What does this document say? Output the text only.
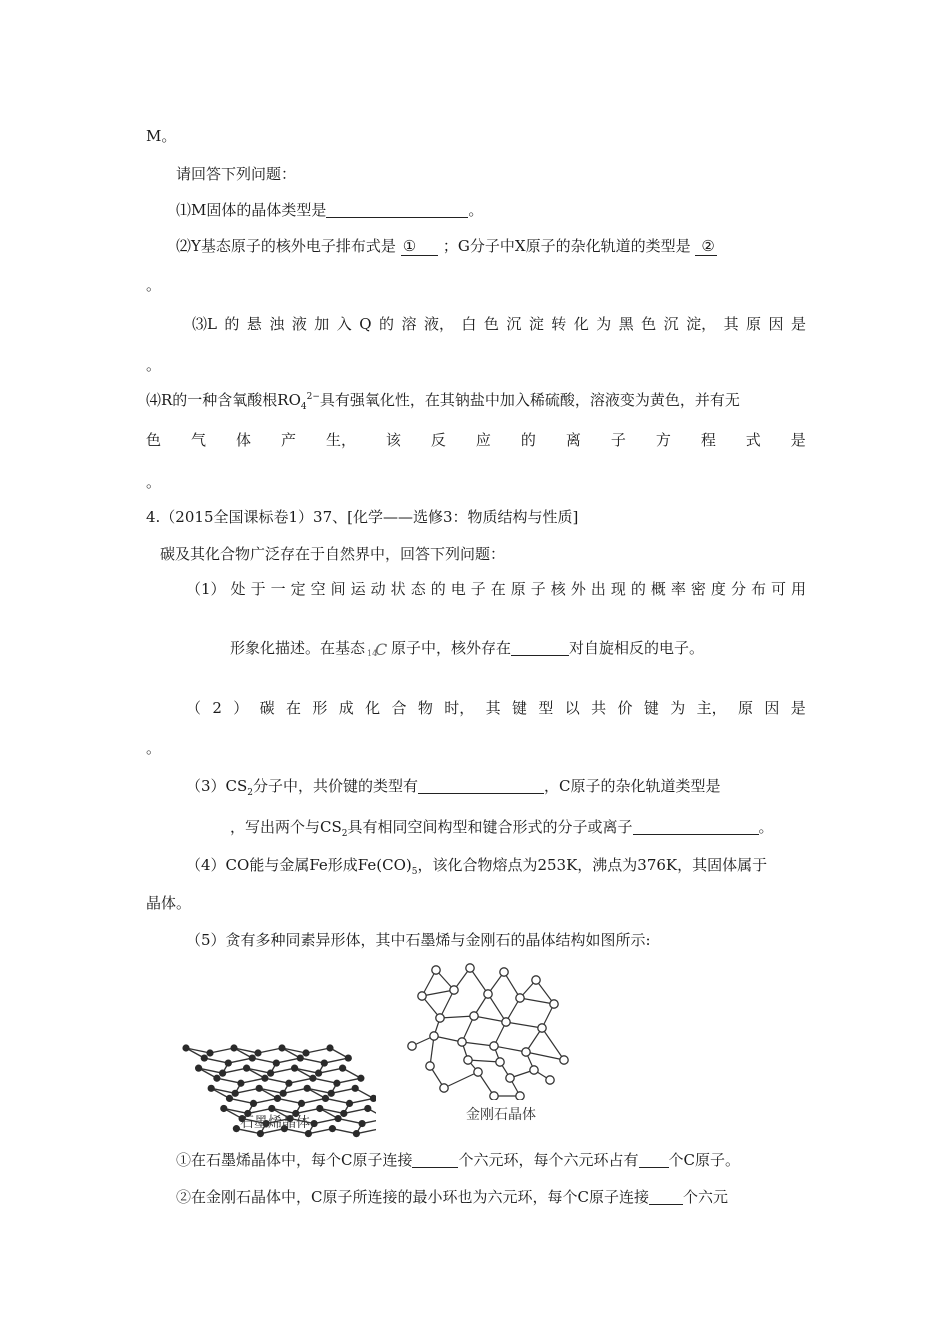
M。
请回答下列问题：
⑴M固体的晶体类型是	。
⑵Y基态原子的核外电子排布式是 ① ；G分子中X原子的杂化轨道的类型是 ②
。
⑶L 的 悬 浊 液 加 入 Q 的 溶 液， 白 色 沉 淀 转 化 为 黑 色 沉 淀， 其 原 因 是
。
⑷R的一种含氧酸根$RO_4^{2-}$具有强氧化性，在其钠盐中加入稀硫酸，溶液变为黄色，并有无
色 气 体 产 生， 该 反 应 的 离 子 方 程 式 是
。
4.（2015全国课标卷1）37、[化学——选修3：物质结构与性质]
碳及其化合物广泛存在于自然界中，回答下列问题：
（1） 处 于 一 定 空 间 运 动 状 态 的 电 子 在 原 子 核 外 出 现 的 概 率 密 度 分 布 可 用
形象化描述。在基态 14
C 原子中，核外存在	对自旋相反的电子。
（ 2 ） 碳 在 形 成 化 合 物 时， 其 键 型 以 共 价 键 为 主， 原 因 是
。
$(3)CS_2$分子中，共价键的类型有	，C原子的杂化轨道类型是
，写出两个与$CS_2$具有相同空间构型和键合形式的分子或离子	。
（4）CO能与金属Fe形成$Fe(CO)_5$，该化合物熔点为253K，沸点为376K，其固体属于
晶体。
（5）贪有多种同素异形体，其中石墨烯与金刚石的晶体结构如图所示:
石墨烯晶体	金刚石晶体
①在石墨烯晶体中，每个C原子连接	个六元环，每个六元环占有 个C原子。
②在金刚石晶体中，C原子所连接的最小环也为六元环，每个C原子连接 个六元
